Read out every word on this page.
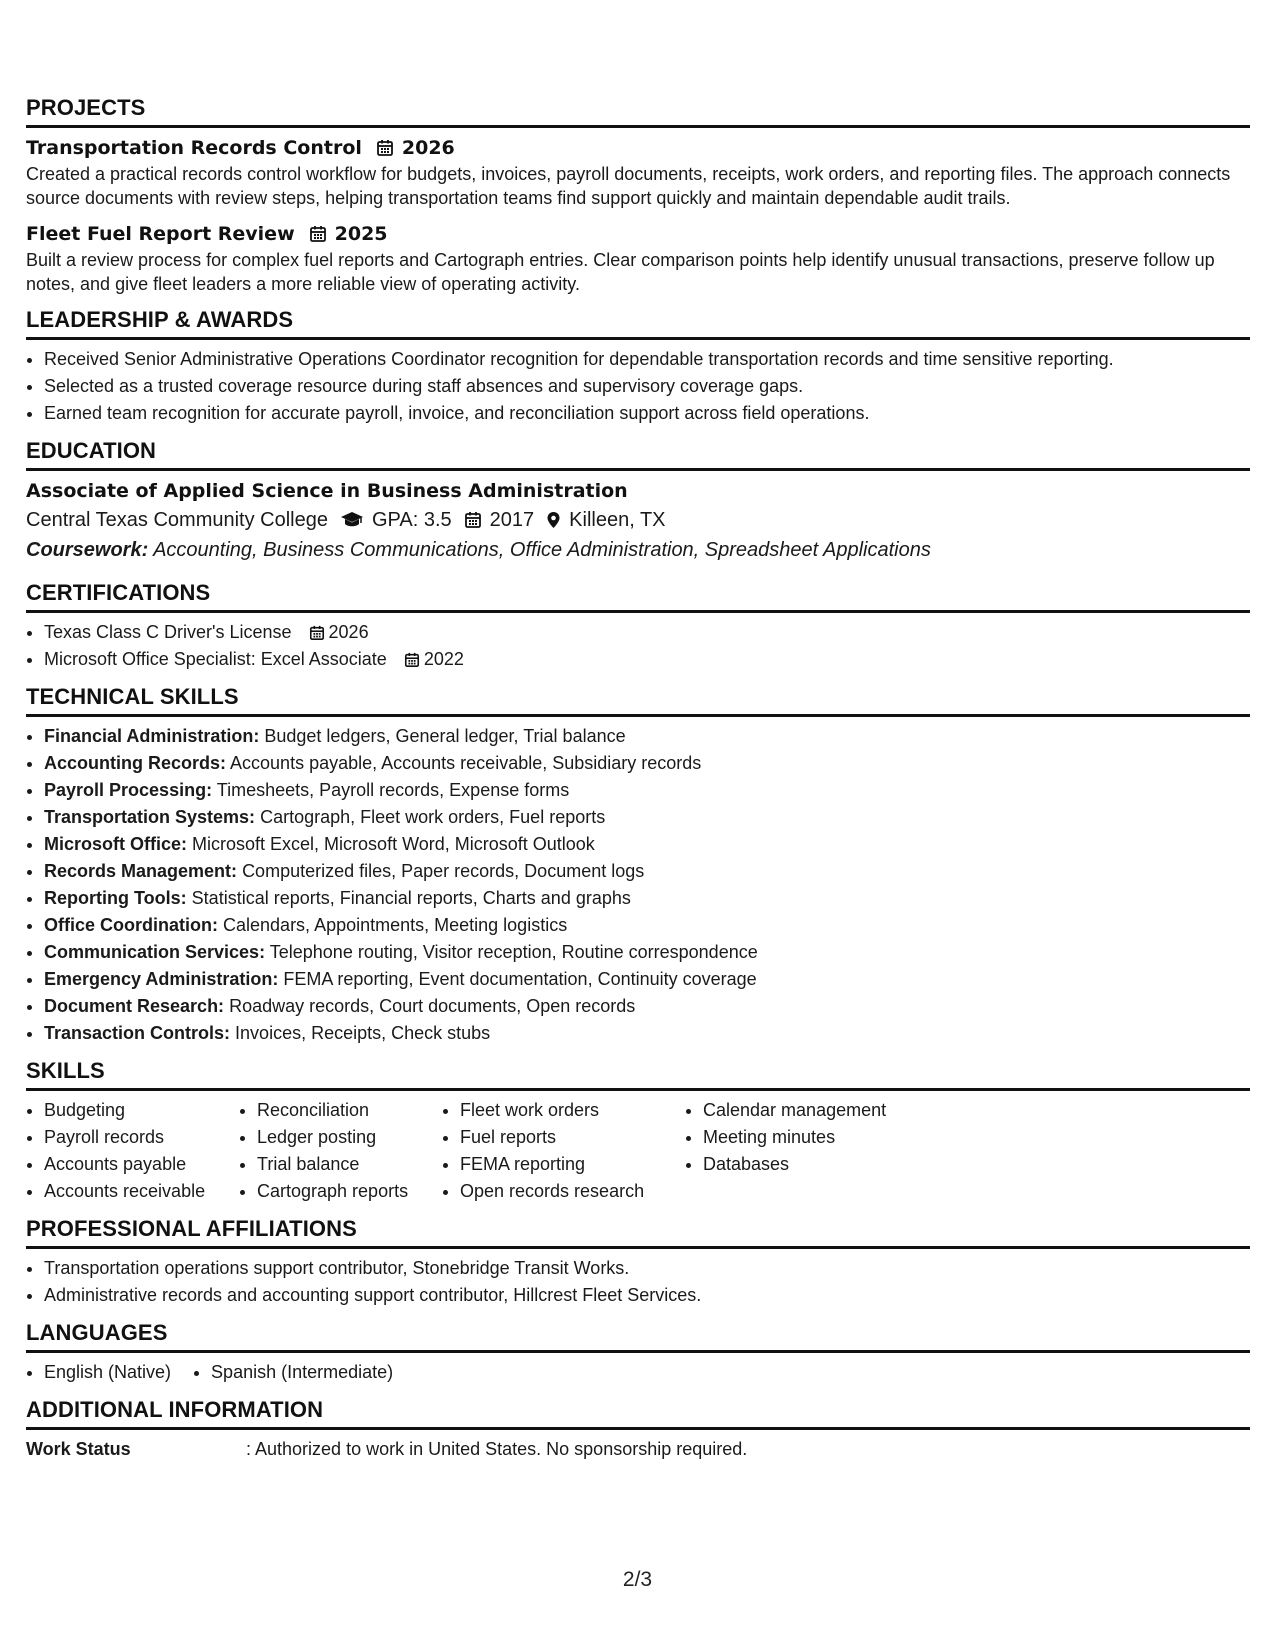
PROJECTS
Transportation Records Control 2026
Created a practical records control workflow for budgets, invoices, payroll documents, receipts, work orders, and reporting files. The approach connects source documents with review steps, helping transportation teams find support quickly and maintain dependable audit trails.
Fleet Fuel Report Review 2025
Built a review process for complex fuel reports and Cartograph entries. Clear comparison points help identify unusual transactions, preserve follow up notes, and give fleet leaders a more reliable view of operating activity.
LEADERSHIP & AWARDS
• Received Senior Administrative Operations Coordinator recognition for dependable transportation records and time sensitive reporting.
• Selected as a trusted coverage resource during staff absences and supervisory coverage gaps.
• Earned team recognition for accurate payroll, invoice, and reconciliation support across field operations.
EDUCATION
Associate of Applied Science in Business Administration
Central Texas Community College GPA: 3.5 2017 Killeen, TX
Coursework: Accounting, Business Communications, Office Administration, Spreadsheet Applications
CERTIFICATIONS
• Texas Class C Driver's License 2026
• Microsoft Office Specialist: Excel Associate 2022
TECHNICAL SKILLS
• Financial Administration: Budget ledgers, General ledger, Trial balance
• Accounting Records: Accounts payable, Accounts receivable, Subsidiary records
• Payroll Processing: Timesheets, Payroll records, Expense forms
• Transportation Systems: Cartograph, Fleet work orders, Fuel reports
• Microsoft Office: Microsoft Excel, Microsoft Word, Microsoft Outlook
• Records Management: Computerized files, Paper records, Document logs
• Reporting Tools: Statistical reports, Financial reports, Charts and graphs
• Office Coordination: Calendars, Appointments, Meeting logistics
• Communication Services: Telephone routing, Visitor reception, Routine correspondence
• Emergency Administration: FEMA reporting, Event documentation, Continuity coverage
• Document Research: Roadway records, Court documents, Open records
• Transaction Controls: Invoices, Receipts, Check stubs
SKILLS
• Budgeting
• Payroll records
• Accounts payable
• Accounts receivable
• Reconciliation
• Ledger posting
• Trial balance
• Cartograph reports
• Fleet work orders
• Fuel reports
• FEMA reporting
• Open records research
• Calendar management
• Meeting minutes
• Databases
PROFESSIONAL AFFILIATIONS
• Transportation operations support contributor, Stonebridge Transit Works.
• Administrative records and accounting support contributor, Hillcrest Fleet Services.
LANGUAGES
• English (Native)
• Spanish (Intermediate)
ADDITIONAL INFORMATION
Work Status	: Authorized to work in United States. No sponsorship required.
2/3
